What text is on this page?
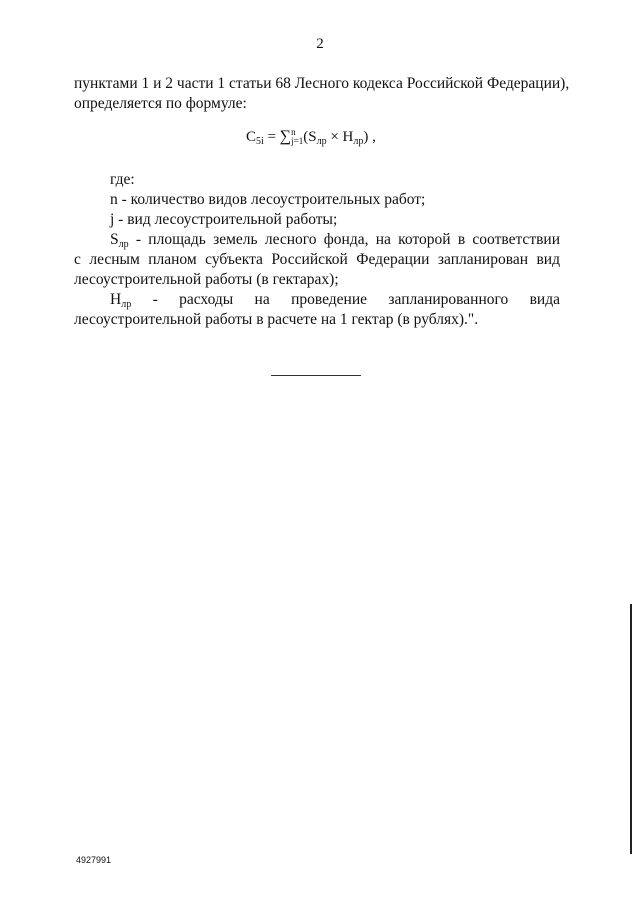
2
пунктами 1 и 2 части 1 статьи 68 Лесного кодекса Российской Федерации),
определяется по формуле:
$C_{5i} = \sum n$
$j=1(S_{лр} \times H_{лр})$ ,
где:
n - количество видов лесоустроительных работ;
j - вид лесоустроительной работы;
$S_{лр}$ - площадь земель лесного фонда, на которой в соответствии
с лесным планом субъекта Российской Федерации запланирован вид
лесоустроительной работы (в гектарах);
$H_{лр}$ - расходы на проведение запланированного вида
лесоустроительной работы в расчете на 1 гектар (в рублях).".
4927991
